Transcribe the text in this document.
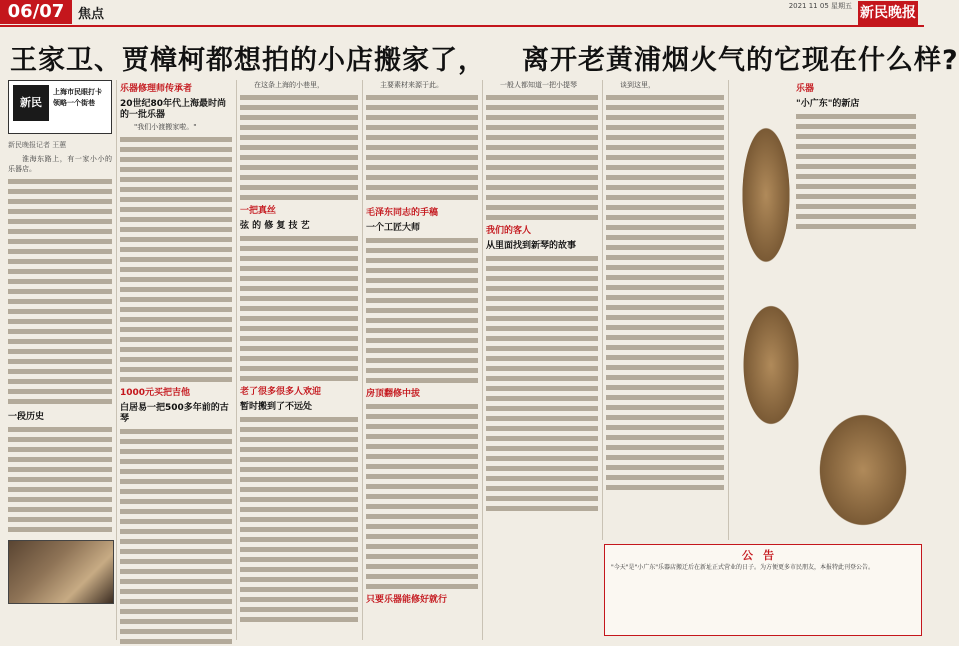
06/07	焦点
2021 11 05 星期五 新民晚报
王家卫、贾樟柯都想拍的小店搬家了， 离开老黄浦烟火气的它现在什么样?
新民
上海市民眼打卡领略一个街巷
新民晚报记者 王蕙

淮海东路上，有一家小小的乐器店。

一段历史
乐器修理师传承者
20世纪80年代上海最时尚的一批乐器

"我们小渡搬家啦。"

1000元买把吉他
白居易一把500多年前的古琴

在这条上海的小巷里，

一把真丝
弦 的 修 复 技 艺
老了很多很多人欢迎
暂时搬到了不远处

主要素材来源于此。

毛泽东同志的手稿
一个工匠大师
房顶翻修中拔
只要乐器能修好就行

一般人都知道一把小提琴

我们的客人
从里面找到新琴的故事

谈到这里，	乐器
"小广东"的新店
公告
"今天"是"小广东"乐器店搬迁后在新址正式营业的日子。为方便更多市民朋友，本报特此刊登公告。
